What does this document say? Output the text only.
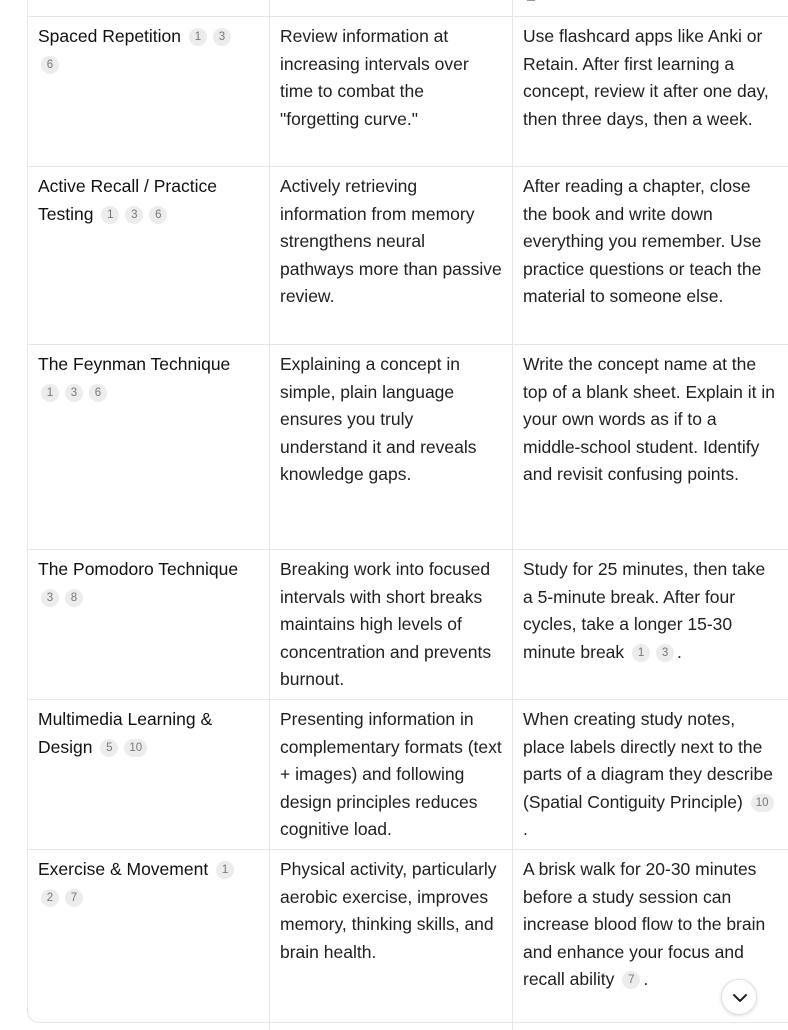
Spaced Repetition 1 3 6
Review information at increasing intervals over time to combat the "forgetting curve."
Use flashcard apps like Anki or Retain. After first learning a concept, review it after one day, then three days, then a week.
Active Recall / Practice Testing 1 3 6
Actively retrieving information from memory strengthens neural pathways more than passive review.
After reading a chapter, close the book and write down everything you remember. Use practice questions or teach the material to someone else.
The Feynman Technique 1 3 6
Explaining a concept in simple, plain language ensures you truly understand it and reveals knowledge gaps.
Write the concept name at the top of a blank sheet. Explain it in your own words as if to a middle-school student. Identify and revisit confusing points.
The Pomodoro Technique 3 8
Breaking work into focused intervals with short breaks maintains high levels of concentration and prevents burnout.
Study for 25 minutes, then take a 5-minute break. After four cycles, take a longer 15-30 minute break 1 3 .
Multimedia Learning & Design 5 10
Presenting information in complementary formats (text + images) and following design principles reduces cognitive load.
When creating study notes, place labels directly next to the parts of a diagram they describe (Spatial Contiguity Principle) 10.
Exercise & Movement 1 2 7
Physical activity, particularly aerobic exercise, improves memory, thinking skills, and brain health.
A brisk walk for 20-30 minutes before a study session can increase blood flow to the brain and enhance your focus and recall ability 7 .
